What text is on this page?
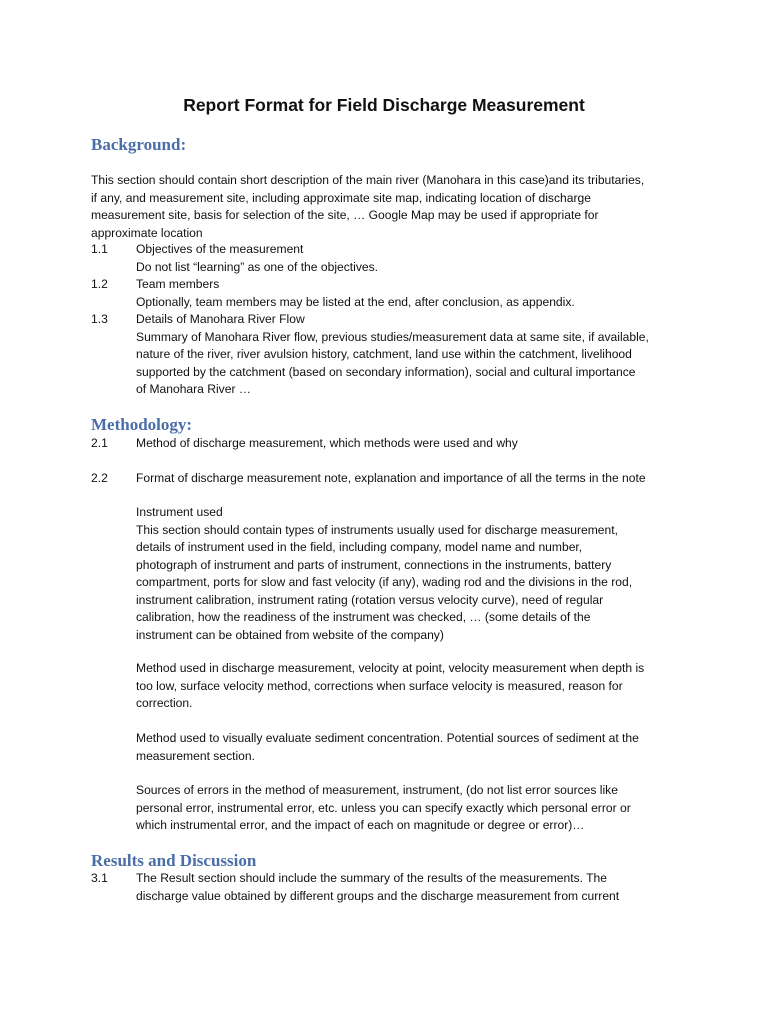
Report Format for Field Discharge Measurement
Background:

This section should contain short description of the main river (Manohara in this case)and its tributaries,
if any, and measurement site, including approximate site map, indicating location of discharge
measurement site, basis for selection of the site, … Google Map may be used if appropriate for
approximate location

1.1	Objectives of the measurement
Do not list “learning” as one of the objectives.
1.2	Team members
Optionally, team members may be listed at the end, after conclusion, as appendix.
1.3	Details of Manohara River Flow
Summary of Manohara River flow, previous studies/measurement data at same site, if available,
nature of the river, river avulsion history, catchment, land use within the catchment, livelihood
supported by the catchment (based on secondary information), social and cultural importance
of Manohara River …
Methodology:
2.1	Method of discharge measurement, which methods were used and why
2.2	Format of discharge measurement note, explanation and importance of all the terms in the note

Instrument used
This section should contain types of instruments usually used for discharge measurement,
details of instrument used in the field, including company, model name and number,
photograph of instrument and parts of instrument, connections in the instruments, battery
compartment, ports for slow and fast velocity (if any), wading rod and the divisions in the rod,
instrument calibration, instrument rating (rotation versus velocity curve), need of regular
calibration, how the readiness of the instrument was checked, … (some details of the
instrument can be obtained from website of the company)

Method used in discharge measurement, velocity at point, velocity measurement when depth is
too low, surface velocity method, corrections when surface velocity is measured, reason for
correction.

Method used to visually evaluate sediment concentration. Potential sources of sediment at the
measurement section.

Sources of errors in the method of measurement, instrument, (do not list error sources like
personal error, instrumental error, etc. unless you can specify exactly which personal error or
which instrumental error, and the impact of each on magnitude or degree or error)…

Results and Discussion
3.1	The Result section should include the summary of the results of the measurements. The
discharge value obtained by different groups and the discharge measurement from current
